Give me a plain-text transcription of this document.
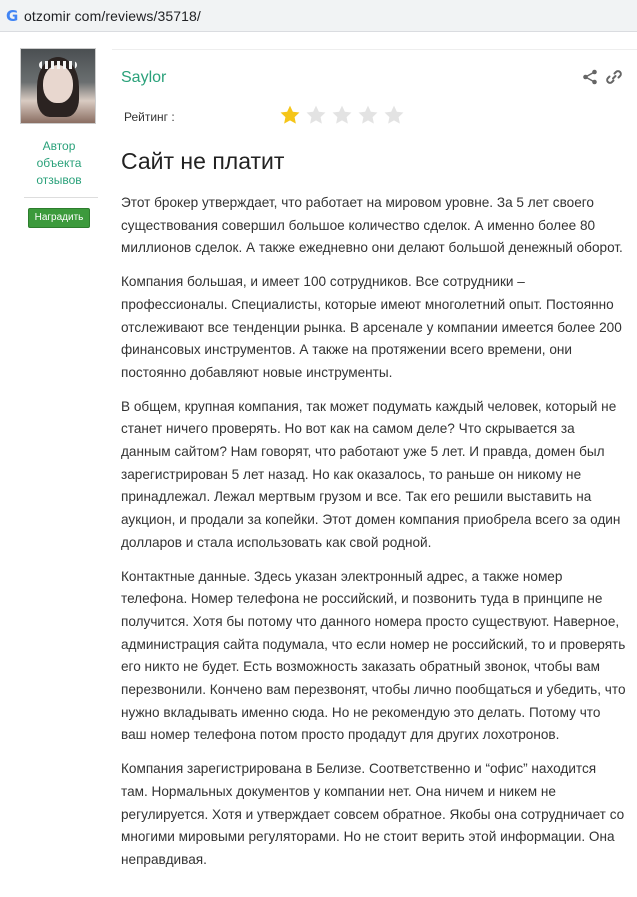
G otzomir com/reviews/35718/
Автор
объекта
отзывов
Наградить
Saylor
Рейтинг :
Сайт не платит

Этот брокер утверждает, что работает на мировом уровне. За 5 лет своего существования совершил большое количество сделок. А именно более 80 миллионов сделок. А также ежедневно они делают большой денежный оборот.

Компания большая, и имеет 100 сотрудников. Все сотрудники – профессионалы. Специалисты, которые имеют многолетний опыт. Постоянно отслеживают все тенденции рынка. В арсенале у компании имеется более 200 финансовых инструментов. А также на протяжении всего времени, они постоянно добавляют новые инструменты.

В общем, крупная компания, так может подумать каждый человек, который не станет ничего проверять. Но вот как на самом деле? Что скрывается за данным сайтом? Нам говорят, что работают уже 5 лет. И правда, домен был зарегистрирован 5 лет назад. Но как оказалось, то раньше он никому не принадлежал. Лежал мертвым грузом и все. Так его решили выставить на аукцион, и продали за копейки. Этот домен компания приобрела всего за один долларов и стала использовать как свой родной.

Контактные данные. Здесь указан электронный адрес, а также номер телефона. Номер телефона не российский, и позвонить туда в принципе не получится. Хотя бы потому что данного номера просто существуют. Наверное, администрация сайта подумала, что если номер не российский, то и проверять его никто не будет. Есть возможность заказать обратный звонок, чтобы вам перезвонили. Кончено вам перезвонят, чтобы лично пообщаться и убедить, что нужно вкладывать именно сюда. Но не рекомендую это делать. Потому что ваш номер телефона потом просто продадут для других лохотронов.

Компания зарегистрирована в Белизе. Соответственно и “офис” находится там. Нормальных документов у компании нет. Она ничем и никем не регулируется. Хотя и утверждает совсем обратное. Якобы она сотрудничает со многими мировыми регуляторами. Но не стоит верить этой информации. Она неправдивая.
